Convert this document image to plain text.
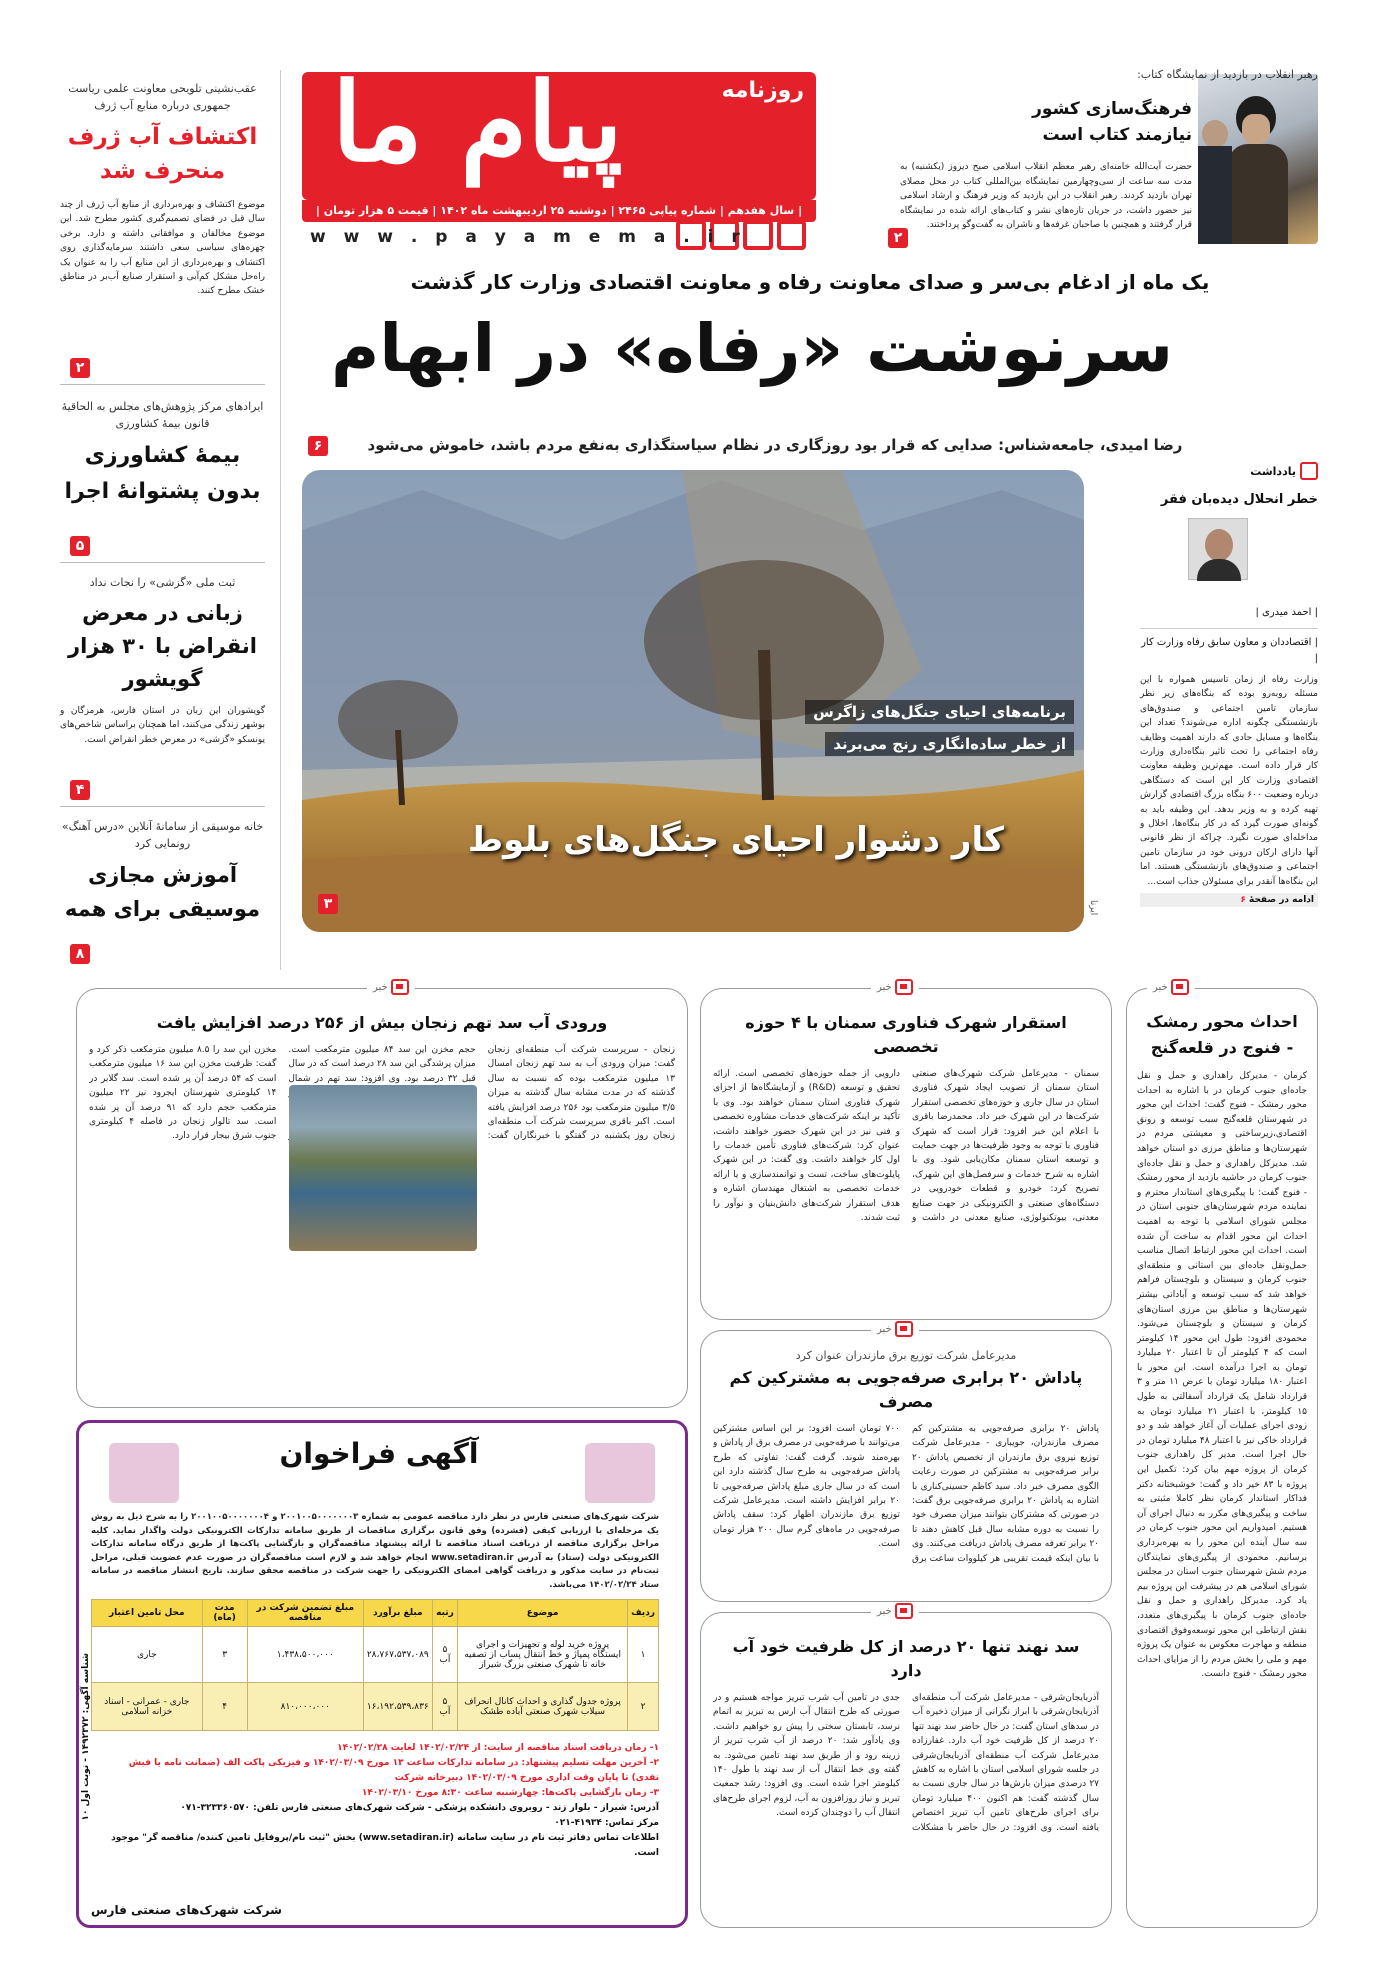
پیام ما	روزنامه
| سال هفدهم | شماره پیاپی ۲۴۶۵ | دوشنبه ۲۵ اردیبهشت ماه ۱۴۰۲ | قیمت ۵ هزار تومان |
w w w . p a y a m e m a . i r
رهبر انقلاب در بازدید از نمایشگاه کتاب:
فرهنگ‌سازی کشور نیازمند کتاب است
حضرت آیت‌الله خامنه‌ای رهبر معظم انقلاب اسلامی صبح دیروز (یکشنبه) به مدت سه ساعت از سی‌وچهارمین نمایشگاه بین‌المللی کتاب در محل مصلای تهران بازدید کردند. رهبر انقلاب در این بازدید که وزیر فرهنگ و ارشاد اسلامی نیز حضور داشت، در جریان تازه‌های نشر و کتاب‌های ارائه شده در نمایشگاه قرار گرفتند و همچنین با صاحبان غرفه‌ها و ناشران به گفت‌وگو پرداختند.
۲
عقب‌نشینی تلویحی معاونت علمی ریاست جمهوری درباره منابع آب ژرف
اکتشاف آب ژرف منحرف شد
موضوع اکتشاف و بهره‌برداری از منابع آب ژرف از چند سال قبل در فضای تصمیم‌گیری کشور مطرح شد. این موضوع مخالفان و موافقانی داشته و دارد. برخی چهره‌های سیاسی سعی داشتند سرمایه‌گذاری روی اکتشاف و بهره‌برداری از این منابع آب را به عنوان یک راه‌حل مشکل کم‌آبی و استقرار صنایع آب‌بر در مناطق خشک مطرح کنند.
۲
ایرادهای مرکز پژوهش‌های مجلس به الحاقیهٔ قانون بیمهٔ کشاورزی
بیمهٔ کشاورزی بدون پشتوانهٔ اجرا
۵
ثبت ملی «گزشی» را نجات نداد
زبانی در معرض انقراض با ۳۰ هزار گویشور
گویشوران این زبان در استان فارس، هرمزگان و بوشهر زندگی می‌کنند، اما همچنان براساس شاخص‌های یونسکو «گزشی» در معرض خطر انقراض است.
۴
خانه موسیقی از سامانهٔ آنلاین «درس آهنگ» رونمایی کرد
آموزش مجازی موسیقی برای همه
۸
یک ماه از ادغام بی‌سر و صدای معاونت رفاه و معاونت اقتصادی وزارت کار گذشت
سرنوشت «رفاه» در ابهام
رضا امیدی، جامعه‌شناس: صدایی که قرار بود روزگاری در نظام سیاستگذاری به‌نفع مردم باشد، خاموش می‌شود
۶
برنامه‌های احیای جنگل‌های زاگرس
از خطر ساده‌انگاری رنج می‌برند
کار دشوار احیای جنگل‌های بلوط
۳	ایرنا
یادداشت
خطر انحلال دیده‌بان فقر
| احمد میدری |
| اقتصاددان و معاون سابق رفاه وزارت کار |
وزارت رفاه از زمان تاسیس همواره با این مسئله روبه‌رو بوده که بنگاه‌های زیر نظر سازمان تامین اجتماعی و صندوق‌های بازنشستگی چگونه اداره می‌شوند؟ تعداد این بنگاه‌ها و مسایل حادی که دارند اهمیت وظایف رفاه اجتماعی را تحت تاثیر بنگاه‌داری وزارت کار قرار داده است. مهم‌ترین وظیفه معاونت اقتصادی وزارت کار این است که دستگاهی درباره وضعیت ۶۰۰ بنگاه بزرگ اقتصادی گزارش تهیه کرده و به وزیر بدهد. این وظیفه باید به گونه‌ای صورت گیرد که در کار بنگاه‌ها، اخلال و مداخله‌ای صورت نگیرد. چراکه از نظر قانونی آنها دارای ارکان درونی خود در سازمان تامین اجتماعی و صندوق‌های بازنشستگی هستند. اما این بنگاه‌ها آنقدر برای مسئولان جذاب است...
ادامه در صفحهٔ ۶
خبر
احداث محور رمشک - فنوج در قلعه‌گنج
کرمان - مدیرکل راهداری و حمل و نقل جاده‌ای جنوب کرمان در با اشاره به احداث محور رمشک - فنوج گفت: احداث این محور در شهرستان قلعه‌گنج سبب توسعه و رونق اقتصادی،زیرساختی و معیشتی مردم در شهرستان‌ها و مناطق مرزی دو استان خواهد شد. مدیرکل راهداری و حمل و نقل جاده‌ای جنوب کرمان در حاشیه بازدید از محور رمشک - فنوج گفت: با پیگیری‌های استاندار محترم و نماینده مردم شهرستان‌های جنوبی استان در مجلس شورای اسلامی با توجه به اهمیت احداث این محور اقدام به ساخت آن شده است. احداث این محور ارتباط اتصال مناسب حمل‌ونقل جاده‌ای بین استانی و منطقه‌ای جنوب کرمان و سیستان و بلوچستان فراهم خواهد شد که سبب توسعه و آبادانی بیشتر شهرستان‌ها و مناطق بین مرزی استان‌های کرمان و سیستان و بلوچستان می‌شود. محمودی افزود: طول این محور ۱۴ کیلومتر است که ۴ کیلومتر آن تا اعتبار ۲۰ میلیارد تومان به اجرا درآمده است. این محور با اعتبار ۱۸۰ میلیارد تومان با عرض ۱۱ متر و ۳ قرارداد شامل یک قرارداد آسفالتی به طول ۱۵ کیلومتر، با اعتبار ۲۱ میلیارد تومان به زودی اجرای عملیات آن آغاز خواهد شد و دو قرارداد خاکی نیز با اعتبار ۴۸ میلیارد تومان در حال اجرا است. مدیر کل راهداری جنوب کرمان از پروژه مهم بیان کرد: تکمیل این پروژه با ۸۳ خیر داد و گفت: خوشبختانه دکتر فداکار استاندار کرمان نظر کاملا مثبتی به ساخت و پیگیری‌های مکرر به دنبال اجرای آن هستیم. امیدواریم این محور جنوب کرمان در سه سال آینده این محور را به بهره‌برداری برسانیم. محمودی از پیگیری‌های نمایندگان مردم شش شهرستان جنوب استان در مجلس شورای اسلامی هم در پیشرفت این پروژه بیم یاد کرد. مدیرکل راهداری و حمل و نقل جاده‌ای جنوب کرمان با پیگیری‌های متعدد، نقش ارتباطی این محور توسعه‌وفوق اقتصادی منطقه و مهاجرت معکوس به عنوان یک پروژه مهم و ملی را بخش مردم را از مزایای احداث محور رمشک - فنوج دانست.
خبر
استقرار شهرک فناوری سمنان با ۴ حوزه تخصصی
سمنان - مدیرعامل شرکت شهرک‌های صنعتی استان سمنان از تصویب ایجاد شهرک فناوری استان در سال جاری و حوزه‌های تخصصی استقرار شرکت‌ها در این شهرک خبر داد. محمدرضا باقری با اعلام این خبر افزود: قرار است که شهرک فناوری با توجه به وجود ظرفیت‌ها در جهت حمایت و توسعه استان سمنان مکان‌یابی شود. وی با اشاره به شرح خدمات و سرفصل‌های این شهرک، تصریح کرد: خودرو و قطعات خودرویی در دستگاه‌های صنعتی و الکترونیکی در جهت صنایع معدنی، بیوتکنولوژی، صنایع معدنی در داشت و دارویی از جمله حوزه‌های تخصصی است. ارائه تحقیق و توسعه (R&D) و آزمایشگاه‌ها از اجزای شهرک فناوری استان سمنان خواهند بود. وی با تأکید بر اینکه شرکت‌های خدمات مشاوره تخصصی و فنی نیز در این شهرک حضور خواهند داشت، عنوان کرد: شرکت‌های فناوری تأمین خدمات را اول کار خواهند داشت. وی گفت: در این شهرک پایلوت‌های ساخت، تست و توانمندسازی و یا ارائه خدمات تخصصی به اشتغال مهندسان اشاره و هدف استقرار شرکت‌های دانش‌بنیان و نوآور را ثبت شدند.
خبر
ورودی آب سد تهم زنجان بیش از ۲۵۶ درصد افزایش یافت
زنجان - سرپرست شرکت آب منطقه‌ای زنجان گفت: میزان ورودی آب به سد تهم زنجان امسال ۱۳ میلیون مترمکعب بوده که نسبت به سال گذشته که در مدت مشابه سال گذشته به میزان ۳/۵ میلیون مترمکعب بود ۲۵۶ درصد افزایش یافته است. اکبر باقری سرپرست شرکت آب منطقه‌ای زنجان روز یکشنبه در گفتگو با خبرنگاران گفت: حجم مخزن این سد ۸۴ میلیون مترمکعب است. میزان پرشدگی این سد ۲۸ درصد است که در سال قبل ۳۲ درصد بود. وی افزود: سد تهم در شمال مخزن این سد را ۸.۵ میلیون مترمکعب ذکر کرد و گفت: ظرفیت مخزن این سد ۱۶ میلیون مترمکعب است که ۵۴ درصد آن پر شده است. سد گلابر در ۱۴ کیلومتری شهرستان ایجرود نیز ۲۲ میلیون مترمکعب حجم دارد که ۹۱ درصد آن پر شده است. سد تالوار زنجان در فاصله ۴ کیلومتری جنوب شرق بیجار قرار دارد.
خبر
مدیرعامل شرکت توزیع برق مازندران عنوان کرد
پاداش ۲۰ برابری صرفه‌جویی به مشترکین کم مصرف
پاداش ۲۰ برابری صرفه‌جویی به مشترکین کم مصرف مازندران، جویباری - مدیرعامل شرکت توزیع نیروی برق مازندران از تخصیص پاداش ۲۰ برابر صرفه‌جویی به مشترکین در صورت رعایت الگوی مصرف خبر داد. سید کاظم حسینی‌کناری با اشاره به پاداش ۲۰ برابری صرفه‌جویی برق گفت: در صورتی که مشترکان بتوانند میزان مصرف خود را نسبت به دوره مشابه سال قبل کاهش دهند تا ۲۰ برابر تعرفه مصرف پاداش دریافت می‌کنند. وی با بیان اینکه قیمت تقریبی هر کیلووات ساعت برق ۷۰۰ تومان است افزود: بر این اساس مشترکین می‌توانند با صرفه‌جویی در مصرف برق از پاداش و بهره‌مند شوند. گرفت گفت: تفاوتی که طرح پاداش صرفه‌جویی به طرح سال گذشته دارد این است که در سال جاری مبلغ پاداش صرفه‌جویی تا ۲۰ برابر افزایش داشته است. مدیرعامل شرکت توزیع برق مازندران اظهار کرد: سقف پاداش صرفه‌جویی در ماه‌های گرم سال ۲۰۰ هزار تومان است.
خبر
سد نهند تنها ۲۰ درصد از کل ظرفیت خود آب دارد
آذربایجان‌شرقی - مدیرعامل شرکت آب منطقه‌ای آذربایجان‌شرقی با ابراز نگرانی از میزان ذخیره آب در سدهای استان گفت: در حال حاضر سد نهند تنها ۲۰ درصد از کل ظرفیت خود آب دارد. غفارزاده مدیرعامل شرکت آب منطقه‌ای آذربایجان‌شرقی در جلسه شورای اسلامی استان با اشاره به کاهش ۲۷ درصدی میزان بارش‌ها در سال جاری نسبت به سال گذشته گفت: هم اکنون ۴۰۰ میلیارد تومان برای اجرای طرح‌های تامین آب تبریز اختصاص یافته است. وی افزود: در حال حاضر با مشکلات جدی در تامین آب شرب تبریز مواجه هستیم و در صورتی که طرح انتقال آب ارس به تبریز به اتمام نرسد، تابستان سختی را پیش رو خواهیم داشت. وی یادآور شد: ۲۰ درصد از آب شرب تبریز از زرینه رود و از طریق سد نهند تامین می‌شود. به گفته وی خط انتقال آب از سد نهند با طول ۱۴۰ کیلومتر اجرا شده است. وی افزود: رشد جمعیت تبریز و نیاز روزافزون به آب، لزوم اجرای طرح‌های انتقال آب را دوچندان کرده است.
آگهی فراخوان
شرکت شهرک‌های صنعتی فارس در نظر دارد مناقصه عمومی به شماره ۲۰۰۱۰۰۵۰۰۰۰۰۰۰۳ و ۲۰۰۱۰۰۵۰۰۰۰۰۰۰۴ را به شرح ذیل به روش یک مرحله‌ای با ارزیابی کیفی (فشرده) وفق قانون برگزاری مناقصات از طریق سامانه تدارکات الکترونیکی دولت واگذار نماید. کلیه مراحل برگزاری مناقصه از دریافت اسناد مناقصه تا ارائه پیشنهاد مناقصه‌گران و بازگشایی پاکت‌ها از طریق درگاه سامانه تدارکات الکترونیکی دولت (ستاد) به آدرس www.setadiran.ir انجام خواهد شد و لازم است مناقصه‌گران در صورت عدم عضویت قبلی، مراحل ثبت‌نام در سایت مذکور و دریافت گواهی امضای الکترونیکی را جهت شرکت در مناقصه محقق سازند. تاریخ انتشار مناقصه در سامانه ستاد ۱۴۰۲/۰۲/۲۴ می‌باشد.
ردیف	موضوع	رتبه	مبلغ برآورد	مبلغ تضمین شرکت در مناقصه	مدت (ماه)	محل تامین اعتبار
۱	پروژه خرید لوله و تجهیزات و اجرای ایستگاه پمپاژ و خط انتقال پساب از تصفیه خانه تا شهرک صنعتی بزرگ شیراز	۵ آب	۲۸،۷۶۷،۵۳۷،۰۸۹	۱،۴۳۸،۵۰۰،۰۰۰	۳	جاری
۲	پروژه جدول گذاری و احداث کانال انحراف سیلاب شهرک صنعتی آباده طشک	۵ آب	۱۶،۱۹۲،۵۳۹،۸۳۶	۸۱۰،۰۰۰،۰۰۰	۴	جاری - عمرانی - اسناد خزانه اسلامی
۱- زمان دریافت اسناد مناقصه از سایت: از ۱۴۰۲/۰۲/۲۴ لغایت ۱۴۰۲/۰۲/۲۸
۲- آخرین مهلت تسلیم پیشنهاد: در سامانه تدارکات ساعت ۱۳ مورخ ۱۴۰۲/۰۳/۰۹ و فیزیکی پاکت الف (ضمانت نامه یا فیش نقدی) تا پایان وقت اداری مورخ ۱۴۰۲/۰۳/۰۹ دبیرخانه شرکت
۳- زمان بازگشایی پاکت‌ها: چهارشنبه ساعت ۸:۳۰ مورخ ۱۴۰۲/۰۳/۱۰
آدرس: شیراز - بلوار زند - روبروی دانشکده پزشکی - شرکت شهرک‌های صنعتی فارس تلفن: ۳۲۳۳۶۰۵۷۰-۰۷۱
مرکز تماس: ۴۱۹۳۴-۰۲۱
اطلاعات تماس دفاتر ثبت نام در سایت سامانه (www.setadiran.ir) بخش "ثبت نام/پروفایل تامین کننده/ مناقصه گر" موجود است.
شرکت شهرک‌های صنعتی فارس
شناسه آگهی: ۱۴۹۲۳۷۲ - نوبت اول ۱۰
